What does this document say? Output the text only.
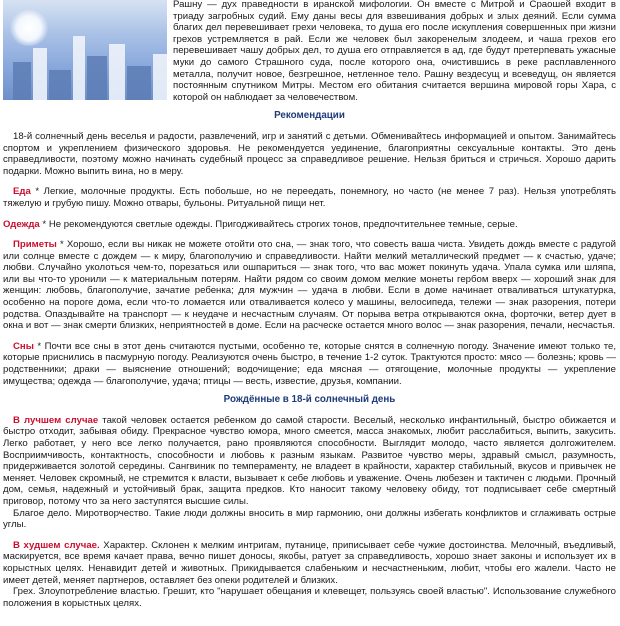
Рашну — дух праведности в иранской мифологии. Он вместе с Митрой и Сраошей входит в триаду загробных судий. Ему даны весы для взвешивания добрых и злых деяний. Если сумма благих дел перевешивает грехи человека, то душа его после искупления совершенных при жизни грехов устремляется в рай. Если же человек был закоренелым злодеем, и чаша грехов его перевешивает чашу добрых дел, то душа его отправляется в ад, где будут претерпевать ужасные муки до самого Страшного суда, после которого она, очистившись в реке расплавленного металла, получит новое, безгрешное, нетленное тело. Рашну вездесущ и всеведущ, он является постоянным спутником Митры. Местом его обитания считается вершина мировой горы Хара, с которой он наблюдает за человечеством.

Рекомендации

18-й солнечный день веселья и радости, развлечений, игр и занятий с детьми. Обменивайтесь информацией и опытом. Занимайтесь спортом и укреплением физического здоровья. Не рекомендуется уединение, благоприятны сексуальные контакты. Это день справедливости, поэтому можно начинать судебный процесс за справедливое решение. Нельзя бриться и стричься. Хорошо дарить подарки. Можно выпить вина, но в меру.

Еда * Легкие, молочные продукты. Есть побольше, но не переедать, понемногу, но часто (не менее 7 раз). Нельзя употреблять тяжелую и грубую пишу. Можно отвары, бульоны. Ритуальной пищи нет.

Одежда * Не рекомендуются светлые одежды. Пригодживайтесь строгих тонов, предпочтительнее темные, серые.

Приметы * Хорошо, если вы никак не можете отойти ото сна, — знак того, что совесть ваша чиста. Увидеть дождь вместе с радугой или солнце вместе с дождем — к миру, благополучию и справедливости. Найти мелкий металлический предмет — к счастью, удаче; любви. Случайно уколоться чем-то, порезаться или ошпариться — знак того, что вас может покинуть удача. Упала сумка или шляпа, или вы что-то уронили — к материальным потерям. Найти рядом со своим домом мелкие монеты гербом вверх — хороший знак для женщин: любовь, благополучие, зачатие ребенка; для мужчин — удача в любви. Если в доме начинает отваливаться штукатурка, особенно на пороге дома, если что-то ломается или отваливается колесо у машины, велосипеда, тележи — знак разорения, потери родства. Опаздывайте на транспорт — к неудаче и несчастным случаям. От порыва ветра открываются окна, форточки, ветер дует в окна и вот — знак смерти близких, неприятностей в доме. Если на расческе остается много волос — знак разорения, печали, несчастья.

Сны * Почти все сны в этот день считаются пустыми, особенно те, которые снятся в солнечную погоду. Значение имеют только те, которые приснились в пасмурную погоду. Реализуются очень быстро, в течение 1-2 суток. Трактуются просто: мясо — болезнь; кровь — родственники; драки — выяснение отношений; водочищение; еда мясная — отягощение, молочные продукты — укрепление имущества; одежда — благополучие, удача; птицы — весть, известие, друзья, компании.

Рождённые в 18-й солнечный день

В лучшем случае такой человек остается ребенком до самой старости. Веселый, несколько инфантильный, быстро обижается и быстро отходит, забывая обиду. Прекрасное чувство юмора, много смеется, масса знакомых, любит расслабиться, выпить, закусить. Легко работает, у него все легко получается, рано проявляются способности. Выглядит молодо, часто является долгожителем. Восприимчивость, контактность, способности и любовь к разным языкам. Развитое чувство меры, здравый смысл, разумность, придерживается золотой середины. Сангвиник по темпераменту, не владеет в крайности, характер стабильный, вкусов и привычек не меняет. Человек скромный, не стремится к власти, вызывает к себе любовь и уважение. Очень любезен и тактичен с людьми. Прочный дом, семья, надежный и устойчивый брак, защита предков. Кто наносит такому человеку обиду, тот подписывает себе смертный приговор, потому что за него заступятся высшие силы.

Благое дело. Миротворчество. Такие люди должны вносить в мир гармонию, они должны избегать конфликтов и сглаживать острые углы.

В худшем случае. Характер. Склонен к мелким интригам, путанице, приписывает себе чужие достоинства. Мелочный, въедливый, маскируется, все время качает права, вечно пишет доносы, якобы, ратует за справедливость, хорошо знает законы и использует их в корыстных целях. Ненавидит детей и животных. Прикидывается слабеньким и несчастненьким, любит, чтобы его жалели. Часто не имеет детей, меняет партнеров, оставляет без опеки родителей и близких.

Грех. Злоупотребление властью. Грешит, кто "нарушает обещания и клевещет, пользуясь своей властью". Использование служебного положения в корыстных целях.
